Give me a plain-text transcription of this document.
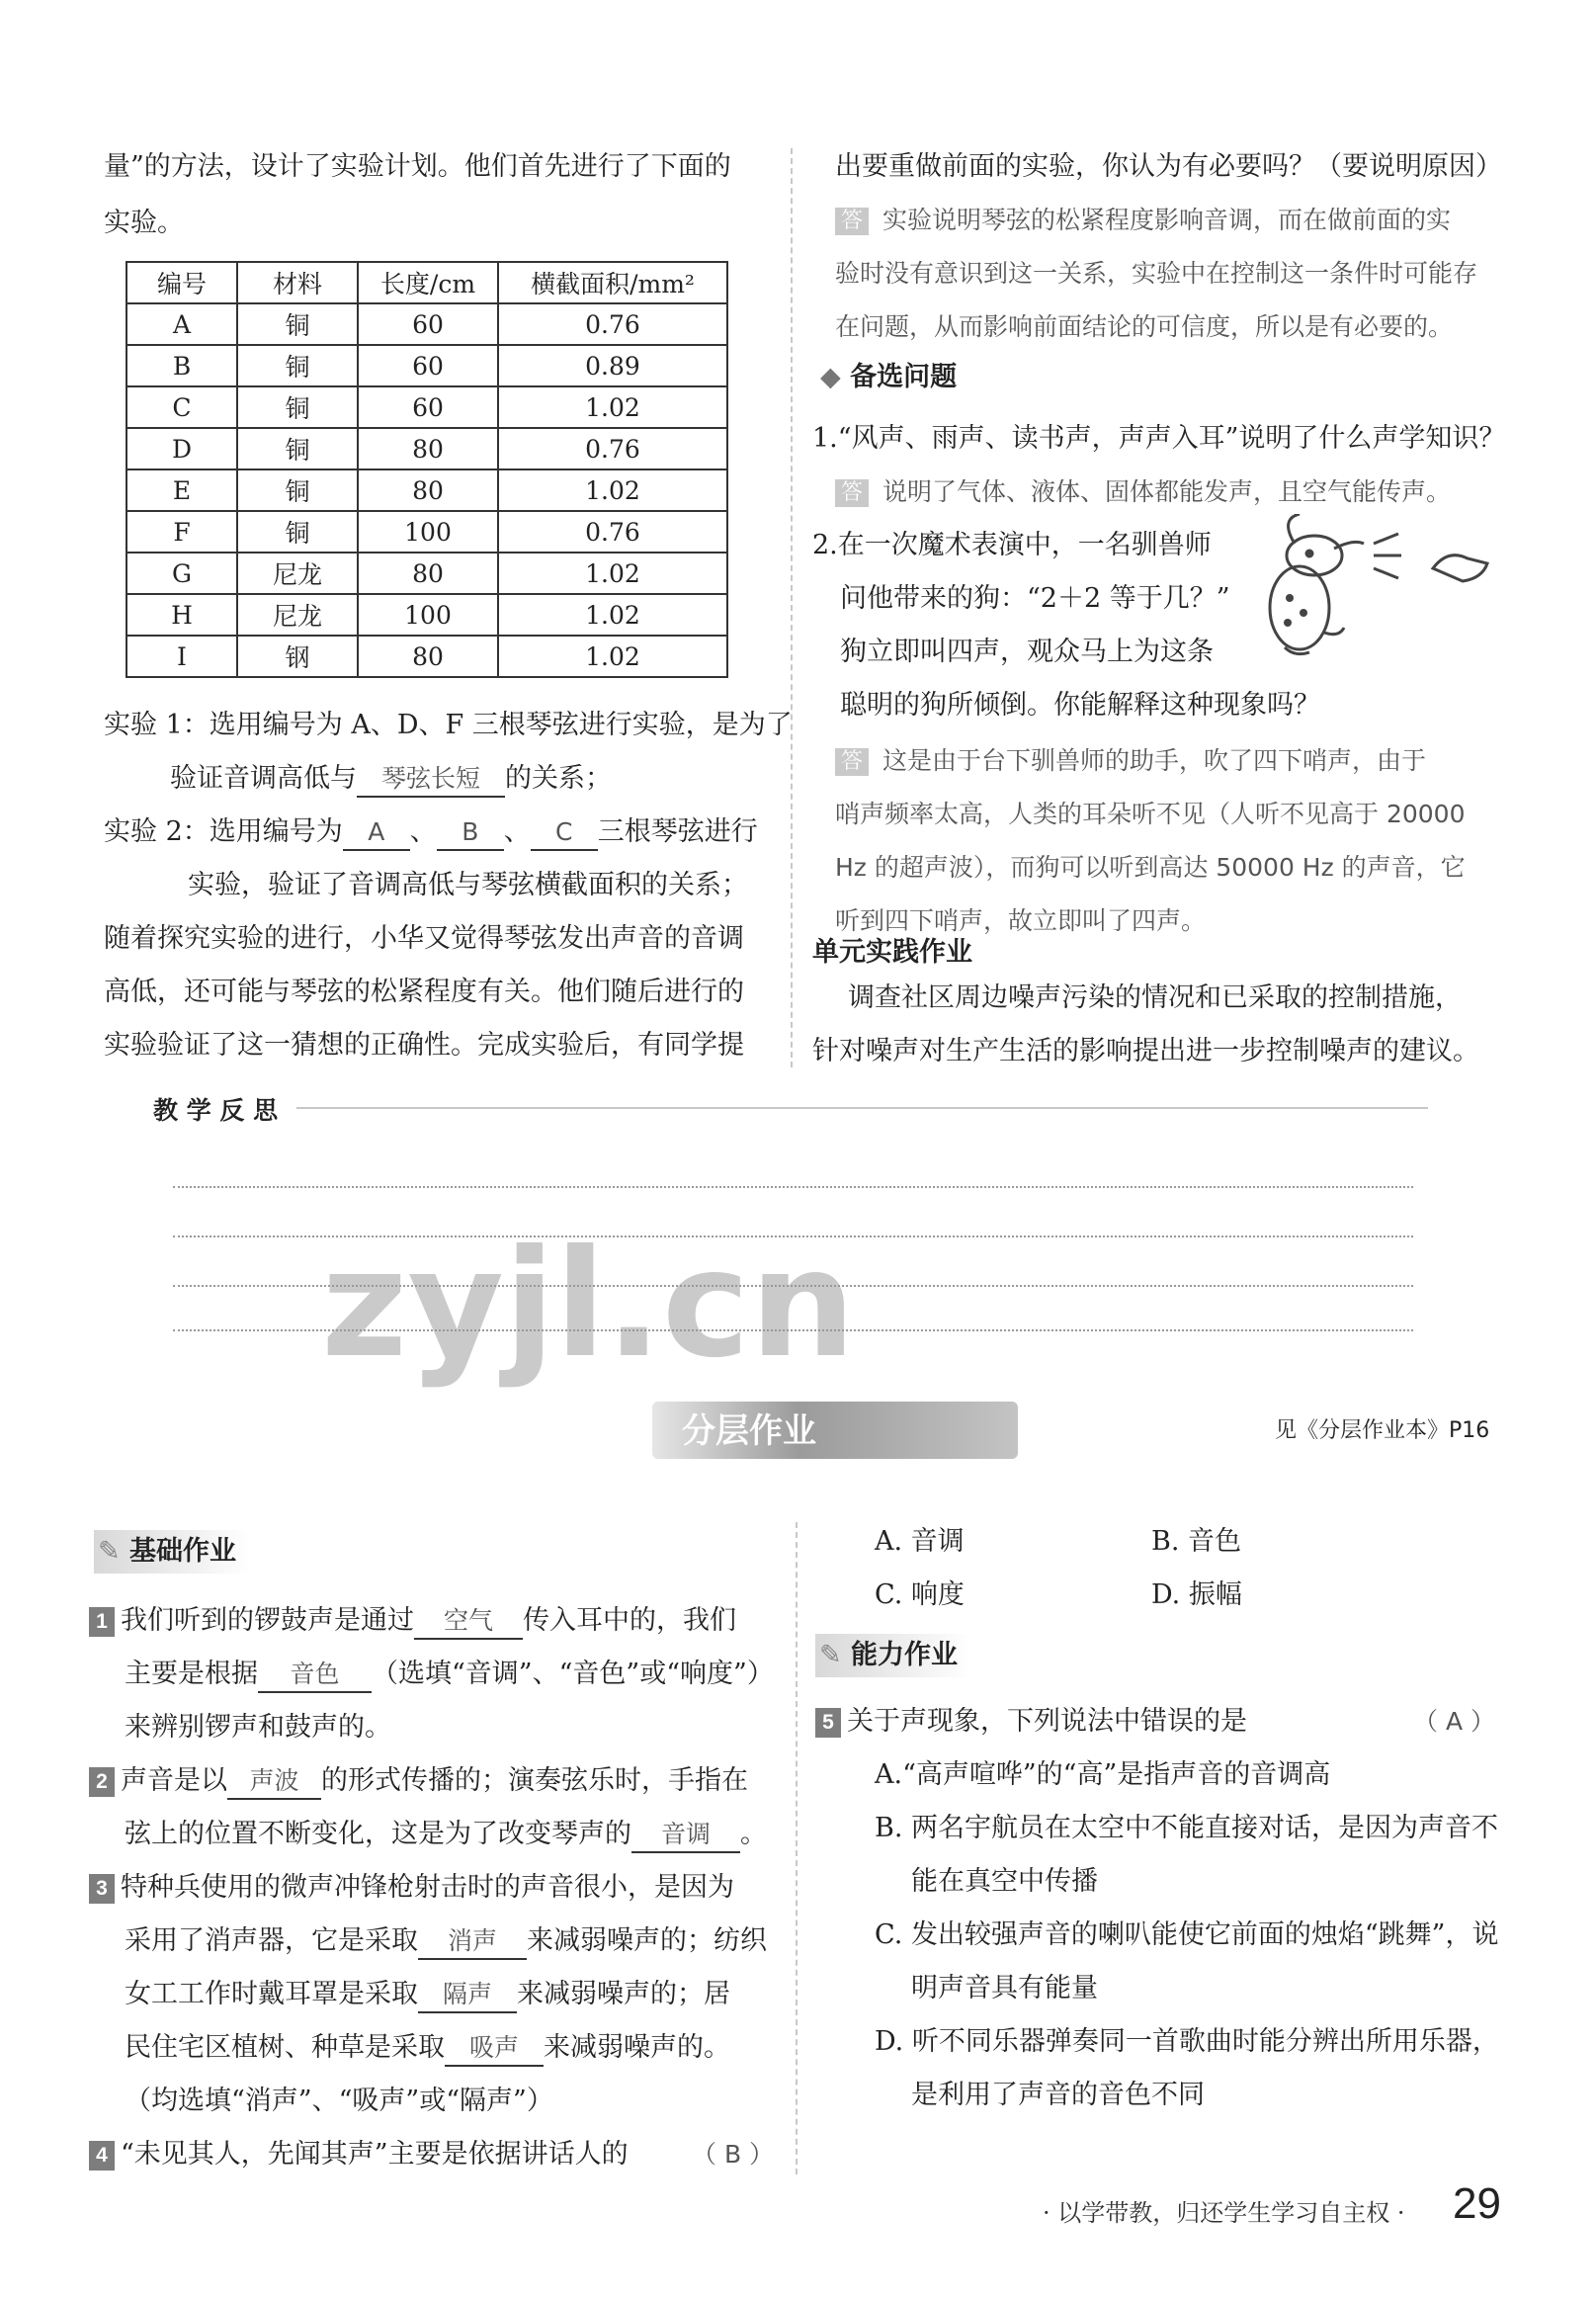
量”的方法，设计了实验计划。他们首先进行了下面的
实验。
编号	材料	长度/cm	横截面积/mm²
A	铜	60	0.76
B	铜	60	0.89
C	铜	60	1.02
D	铜	80	0.76
E	铜	80	1.02
F	铜	100	0.76
G	尼龙	80	1.02
H	尼龙	100	1.02
I	钢	80	1.02
实验 1：选用编号为 A、D、F 三根琴弦进行实验，是为了
验证音调高低与 琴弦长短 的关系；
实验 2：选用编号为 A 、 B 、 C 三根琴弦进行
实验，验证了音调高低与琴弦横截面积的关系；
随着探究实验的进行，小华又觉得琴弦发出声音的音调
高低，还可能与琴弦的松紧程度有关。他们随后进行的
实验验证了这一猜想的正确性。完成实验后，有同学提
出要重做前面的实验，你认为有必要吗？（要说明原因）
答 实验说明琴弦的松紧程度影响音调，而在做前面的实
验时没有意识到这一关系，实验中在控制这一条件时可能存
在问题，从而影响前面结论的可信度，所以是有必要的。
◆ 备选问题
1.“风声、雨声、读书声，声声入耳”说明了什么声学知识？
答 说明了气体、液体、固体都能发声，且空气能传声。
2.在一次魔术表演中，一名驯兽师
问他带来的狗：“2＋2 等于几？”
狗立即叫四声，观众马上为这条
聪明的狗所倾倒。你能解释这种现象吗？
答 这是由于台下驯兽师的助手，吹了四下哨声，由于
哨声频率太高，人类的耳朵听不见（人听不见高于 20000
Hz 的超声波），而狗可以听到高达 50000 Hz 的声音，它
听到四下哨声，故立即叫了四声。
单元实践作业
调查社区周边噪声污染的情况和已采取的控制措施，
针对噪声对生产生活的影响提出进一步控制噪声的建议。
教 学 反 思
zyjl.cn
分层作业	见《分层作业本》P16
✎ 基础作业
1 我们听到的锣鼓声是通过 空气 传入耳中的，我们
主要是根据 音色 （选填“音调”、“音色”或“响度”）
来辨别锣声和鼓声的。
2 声音是以 声波 的形式传播的；演奏弦乐时，手指在
弦上的位置不断变化，这是为了改变琴声的 音调 。
3 特种兵使用的微声冲锋枪射击时的声音很小，是因为
采用了消声器，它是采取 消声 来减弱噪声的；纺织
女工工作时戴耳罩是采取 隔声 来减弱噪声的；居
民住宅区植树、种草是采取 吸声 来减弱噪声的。
（均选填“消声”、“吸声”或“隔声”）
4 “未见其人，先闻其声”主要是依据讲话人的	（ B ）
A. 音调	B. 音色
C. 响度	D. 振幅
✎ 能力作业
5 关于声现象，下列说法中错误的是	（ A ）
A.“高声喧哗”的“高”是指声音的音调高
B. 两名宇航员在太空中不能直接对话，是因为声音不
能在真空中传播
C. 发出较强声音的喇叭能使它前面的烛焰“跳舞”，说
明声音具有能量
D. 听不同乐器弹奏同一首歌曲时能分辨出所用乐器，
是利用了声音的音色不同
· 以学带教，归还学生学习自主权 · 29
